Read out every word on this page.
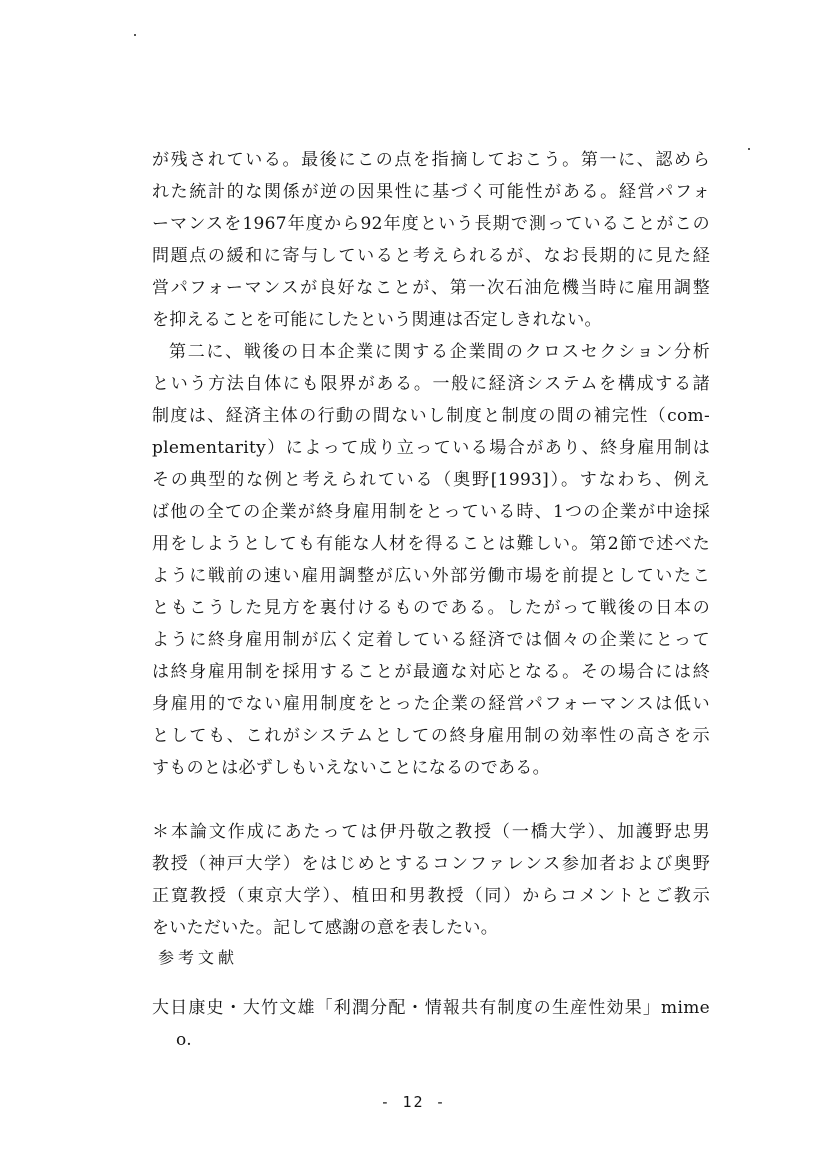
が残されている。最後にこの点を指摘しておこう。第一に、認めら
れた統計的な関係が逆の因果性に基づく可能性がある。経営パフォ
ーマンスを1967年度から92年度という長期で測っていることがこの
問題点の緩和に寄与していると考えられるが、なお長期的に見た経
営パフォーマンスが良好なことが、第一次石油危機当時に雇用調整
を抑えることを可能にしたという関連は否定しきれない。
第二に、戦後の日本企業に関する企業間のクロスセクション分析
という方法自体にも限界がある。一般に経済システムを構成する諸
制度は、経済主体の行動の間ないし制度と制度の間の補完性（com-
plementarity）によって成り立っている場合があり、終身雇用制は
その典型的な例と考えられている（奥野[1993]）。すなわち、例え
ば他の全ての企業が終身雇用制をとっている時、1つの企業が中途採
用をしようとしても有能な人材を得ることは難しい。第2節で述べた
ように戦前の速い雇用調整が広い外部労働市場を前提としていたこ
ともこうした見方を裏付けるものである。したがって戦後の日本の
ように終身雇用制が広く定着している経済では個々の企業にとって
は終身雇用制を採用することが最適な対応となる。その場合には終
身雇用的でない雇用制度をとった企業の経営パフォーマンスは低い
としても、これがシステムとしての終身雇用制の効率性の高さを示
すものとは必ずしもいえないことになるのである。
＊本論文作成にあたっては伊丹敬之教授（一橋大学）、加護野忠男
教授（神戸大学）をはじめとするコンファレンス参加者および奥野
正寛教授（東京大学）、植田和男教授（同）からコメントとご教示
をいただいた。記して感謝の意を表したい。
参考文献
大日康史・大竹文雄「利潤分配・情報共有制度の生産性効果」mime
o.
- 12 -
